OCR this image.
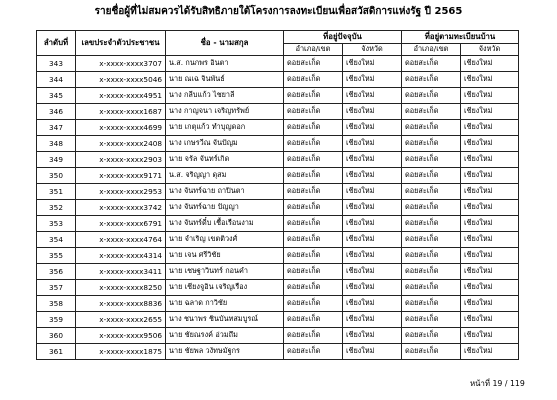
รายชื่อผู้ที่ไม่สมควรได้รับสิทธิภายใต้โครงการลงทะเบียนเพื่อสวัสดิการแห่งรัฐ ปี 2565
ลำดับที่	เลขประจำตัวประชาชน	ชื่อ - นามสกุล	ที่อยู่ปัจจุบัน		ที่อยู่ตามทะเบียนบ้าน	
			อำเภอ/เขต	จังหวัด	อำเภอ/เขต	จังหวัด
343	x-xxxx-xxxx3707	น.ส. กนกพร อินตา	ดอยสะเก็ด	เชียงใหม่	ดอยสะเก็ด	เชียงใหม่
344	x-xxxx-xxxx5046	นาย ณเฉ จินพันธ์	ดอยสะเก็ด	เชียงใหม่	ดอยสะเก็ด	เชียงใหม่
345	x-xxxx-xxxx4951	นาง กลีบแก้ว ไชยาลี	ดอยสะเก็ด	เชียงใหม่	ดอยสะเก็ด	เชียงใหม่
346	x-xxxx-xxxx1687	นาง กาญจนา เจริญทรัพย์	ดอยสะเก็ด	เชียงใหม่	ดอยสะเก็ด	เชียงใหม่
347	x-xxxx-xxxx4699	นาย เกตุแก้ว ทำบุญดอก	ดอยสะเก็ด	เชียงใหม่	ดอยสะเก็ด	เชียงใหม่
348	x-xxxx-xxxx2408	นาง เกษรวีณ จันปัญม	ดอยสะเก็ด	เชียงใหม่	ดอยสะเก็ด	เชียงใหม่
349	x-xxxx-xxxx2903	นาย จรัล จันทร์เกิด	ดอยสะเก็ด	เชียงใหม่	ดอยสะเก็ด	เชียงใหม่
350	x-xxxx-xxxx9171	น.ส. จริญญา ดุสม	ดอยสะเก็ด	เชียงใหม่	ดอยสะเก็ด	เชียงใหม่
351	x-xxxx-xxxx2953	นาง จันทร์ฉาย ถาปินตา	ดอยสะเก็ด	เชียงใหม่	ดอยสะเก็ด	เชียงใหม่
352	x-xxxx-xxxx3742	นาง จันทร์ฉาย ปัญญา	ดอยสะเก็ด	เชียงใหม่	ดอยสะเก็ด	เชียงใหม่
353	x-xxxx-xxxx6791	นาง จันทร์ดี๋บ เชื้อเรือนงาม	ดอยสะเก็ด	เชียงใหม่	ดอยสะเก็ด	เชียงใหม่
354	x-xxxx-xxxx4764	นาย จำเริญ เขตติวงศ์	ดอยสะเก็ด	เชียงใหม่	ดอยสะเก็ด	เชียงใหม่
355	x-xxxx-xxxx4314	นาย เจน ศรีวิชัย	ดอยสะเก็ด	เชียงใหม่	ดอยสะเก็ด	เชียงใหม่
356	x-xxxx-xxxx3411	นาย เชษฐาวินทร์ กอนคำ	ดอยสะเก็ด	เชียงใหม่	ดอยสะเก็ด	เชียงใหม่
357	x-xxxx-xxxx8250	นาย เชียงจูอิน เจริญเรือง	ดอยสะเก็ด	เชียงใหม่	ดอยสะเก็ด	เชียงใหม่
358	x-xxxx-xxxx8836	นาย ฉลาด กาวิชัย	ดอยสะเก็ด	เชียงใหม่	ดอยสะเก็ด	เชียงใหม่
359	x-xxxx-xxxx2655	นาง ชนาพร ชินบันทสมบูรณ์	ดอยสะเก็ด	เชียงใหม่	ดอยสะเก็ด	เชียงใหม่
360	x-xxxx-xxxx9506	นาย ชัยณรงค์ อ่วมถึม	ดอยสะเก็ด	เชียงใหม่	ดอยสะเก็ด	เชียงใหม่
361	x-xxxx-xxxx1875	นาย ชัยพล วงัทษมัฐกร	ดอยสะเก็ด	เชียงใหม่	ดอยสะเก็ด	เชียงใหม่
หน้าที่ 19 / 119
